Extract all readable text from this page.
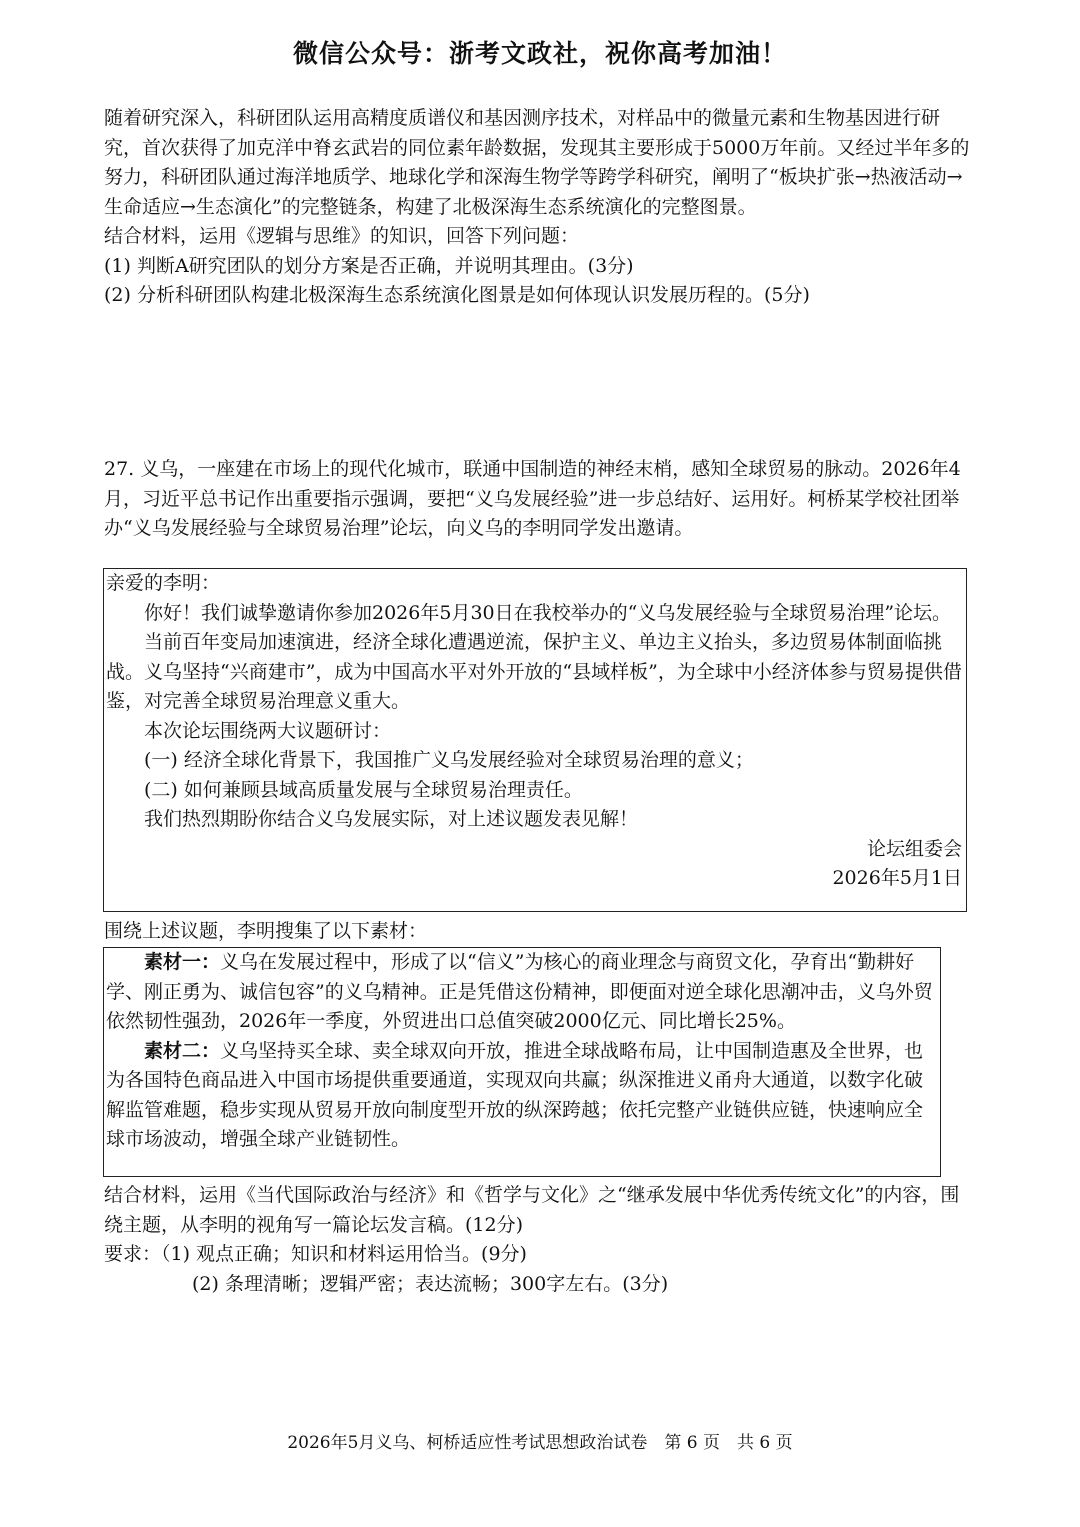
微信公众号：浙考文政社，祝你高考加油！

随着研究深入，科研团队运用高精度质谱仪和基因测序技术，对样品中的微量元素和生物基因进行研究，首次获得了加克洋中脊玄武岩的同位素年龄数据，发现其主要形成于5000万年前。又经过半年多的努力，科研团队通过海洋地质学、地球化学和深海生物学等跨学科研究，阐明了“板块扩张→热液活动→生命适应→生态演化”的完整链条，构建了北极深海生态系统演化的完整图景。

结合材料，运用《逻辑与思维》的知识，回答下列问题：

(1) 判断A研究团队的划分方案是否正确，并说明其理由。(3分)

(2) 分析科研团队构建北极深海生态系统演化图景是如何体现认识发展历程的。(5分)

27. 义乌，一座建在市场上的现代化城市，联通中国制造的神经末梢，感知全球贸易的脉动。2026年4月，习近平总书记作出重要指示强调，要把“义乌发展经验”进一步总结好、运用好。柯桥某学校社团举办“义乌发展经验与全球贸易治理”论坛，向义乌的李明同学发出邀请。

亲爱的李明：

你好！我们诚挚邀请你参加2026年5月30日在我校举办的“义乌发展经验与全球贸易治理”论坛。

当前百年变局加速演进，经济全球化遭遇逆流，保护主义、单边主义抬头，多边贸易体制面临挑战。义乌坚持“兴商建市”，成为中国高水平对外开放的“县域样板”，为全球中小经济体参与贸易提供借鉴，对完善全球贸易治理意义重大。

本次论坛围绕两大议题研讨：

(一) 经济全球化背景下，我国推广义乌发展经验对全球贸易治理的意义；

(二) 如何兼顾县域高质量发展与全球贸易治理责任。

我们热烈期盼你结合义乌发展实际，对上述议题发表见解！

论坛组委会

2026年5月1日

围绕上述议题，李明搜集了以下素材：

素材一：义乌在发展过程中，形成了以“信义”为核心的商业理念与商贸文化，孕育出“勤耕好学、刚正勇为、诚信包容”的义乌精神。正是凭借这份精神，即便面对逆全球化思潮冲击，义乌外贸依然韧性强劲，2026年一季度，外贸进出口总值突破2000亿元、同比增长25%。

素材二：义乌坚持买全球、卖全球双向开放，推进全球战略布局，让中国制造惠及全世界，也为各国特色商品进入中国市场提供重要通道，实现双向共赢；纵深推进义甬舟大通道，以数字化破解监管难题，稳步实现从贸易开放向制度型开放的纵深跨越；依托完整产业链供应链，快速响应全球市场波动，增强全球产业链韧性。

结合材料，运用《当代国际政治与经济》和《哲学与文化》之“继承发展中华优秀传统文化”的内容，围绕主题，从李明的视角写一篇论坛发言稿。(12分)

要求：（1) 观点正确；知识和材料运用恰当。(9分)

(2) 条理清晰；逻辑严密；表达流畅；300字左右。(3分)

2026年5月义乌、柯桥适应性考试思想政治试卷　第 6 页　共 6 页
